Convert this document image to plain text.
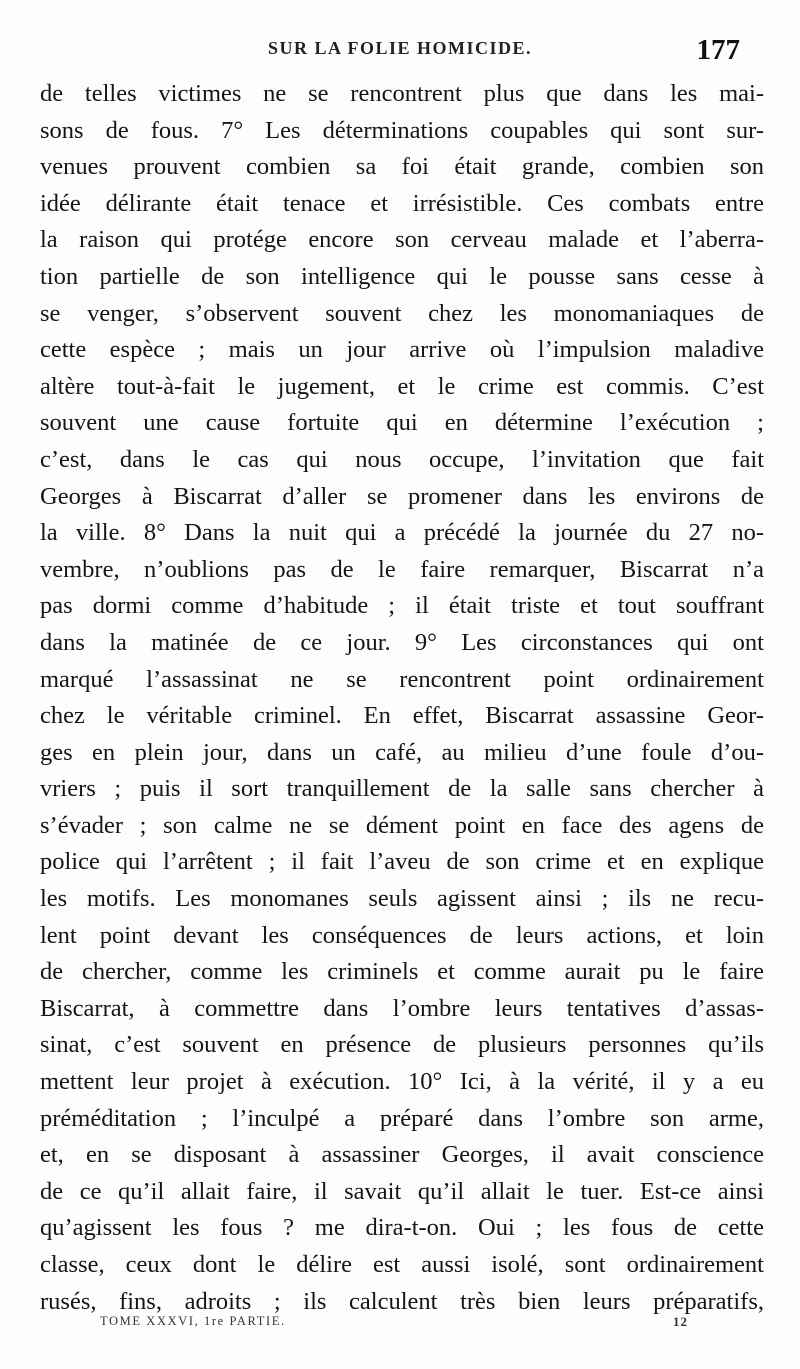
SUR LA FOLIE HOMICIDE.	177
de telles victimes ne se rencontrent plus que dans les mai-
sons de fous. 7° Les déterminations coupables qui sont sur-
venues prouvent combien sa foi était grande, combien son
idée délirante était tenace et irrésistible. Ces combats entre
la raison qui protége encore son cerveau malade et l’aberra-
tion partielle de son intelligence qui le pousse sans cesse à
se venger, s’observent souvent chez les monomaniaques de
cette espèce ; mais un jour arrive où l’impulsion maladive
altère tout-à-fait le jugement, et le crime est commis. C’est
souvent une cause fortuite qui en détermine l’exécution ;
c’est, dans le cas qui nous occupe, l’invitation que fait
Georges à Biscarrat d’aller se promener dans les environs de
la ville. 8° Dans la nuit qui a précédé la journée du 27 no-
vembre, n’oublions pas de le faire remarquer, Biscarrat n’a
pas dormi comme d’habitude ; il était triste et tout souffrant
dans la matinée de ce jour. 9° Les circonstances qui ont
marqué l’assassinat ne se rencontrent point ordinairement
chez le véritable criminel. En effet, Biscarrat assassine Geor-
ges en plein jour, dans un café, au milieu d’une foule d’ou-
vriers ; puis il sort tranquillement de la salle sans chercher à
s’évader ; son calme ne se dément point en face des agens de
police qui l’arrêtent ; il fait l’aveu de son crime et en explique
les motifs. Les monomanes seuls agissent ainsi ; ils ne recu-
lent point devant les conséquences de leurs actions, et loin
de chercher, comme les criminels et comme aurait pu le faire
Biscarrat, à commettre dans l’ombre leurs tentatives d’assas-
sinat, c’est souvent en présence de plusieurs personnes qu’ils
mettent leur projet à exécution. 10° Ici, à la vérité, il y a eu
préméditation ; l’inculpé a préparé dans l’ombre son arme,
et, en se disposant à assassiner Georges, il avait conscience
de ce qu’il allait faire, il savait qu’il allait le tuer. Est-ce ainsi
qu’agissent les fous ? me dira-t-on. Oui ; les fous de cette
classe, ceux dont le délire est aussi isolé, sont ordinairement
rusés, fins, adroits ; ils calculent très bien leurs préparatifs,
TOME XXXVI, 1re PARTIE.	12
